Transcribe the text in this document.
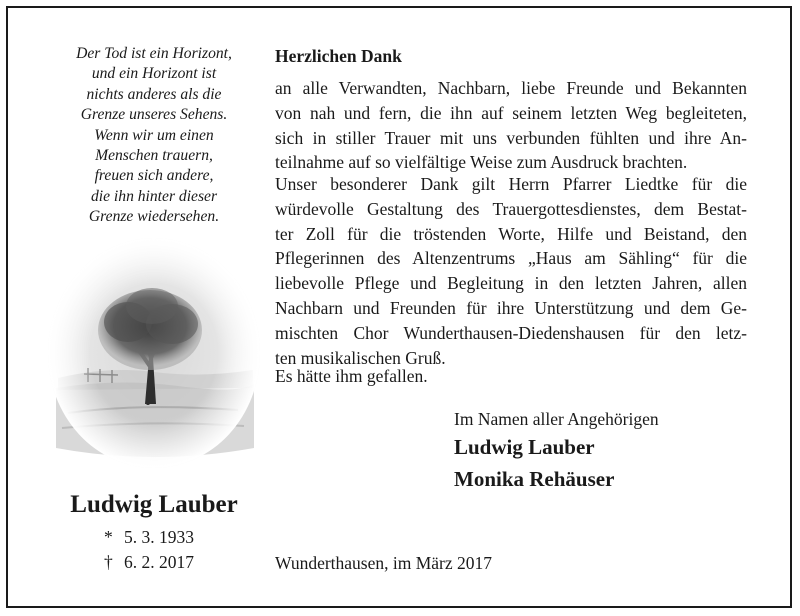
Der Tod ist ein Horizont,
und ein Horizont ist
nichts anderes als die
Grenze unseres Sehens.
Wenn wir um einen
Menschen trauern,
freuen sich andere,
die ihn hinter dieser
Grenze wiedersehen.
Ludwig Lauber
* 5. 3. 1933
† 6. 2. 2017
Herzlichen Dank
an alle Verwandten, Nachbarn, liebe Freunde und Bekannten
von nah und fern, die ihn auf seinem letzten Weg begleiteten,
sich in stiller Trauer mit uns verbunden fühlten und ihre An-
teilnahme auf so vielfältige Weise zum Ausdruck brachten.
Unser besonderer Dank gilt Herrn Pfarrer Liedtke für die
würdevolle Gestaltung des Trauergottesdienstes, dem Bestat-
ter Zoll für die tröstenden Worte, Hilfe und Beistand, den
Pflegerinnen des Altenzentrums „Haus am Sähling“ für die
liebevolle Pflege und Begleitung in den letzten Jahren, allen
Nachbarn und Freunden für ihre Unterstützung und dem Ge-
mischten Chor Wunderthausen-Diedenshausen für den letz-
ten musikalischen Gruß.
Es hätte ihm gefallen.
Im Namen aller Angehörigen
Ludwig Lauber
Monika Rehäuser
Wunderthausen, im März 2017
